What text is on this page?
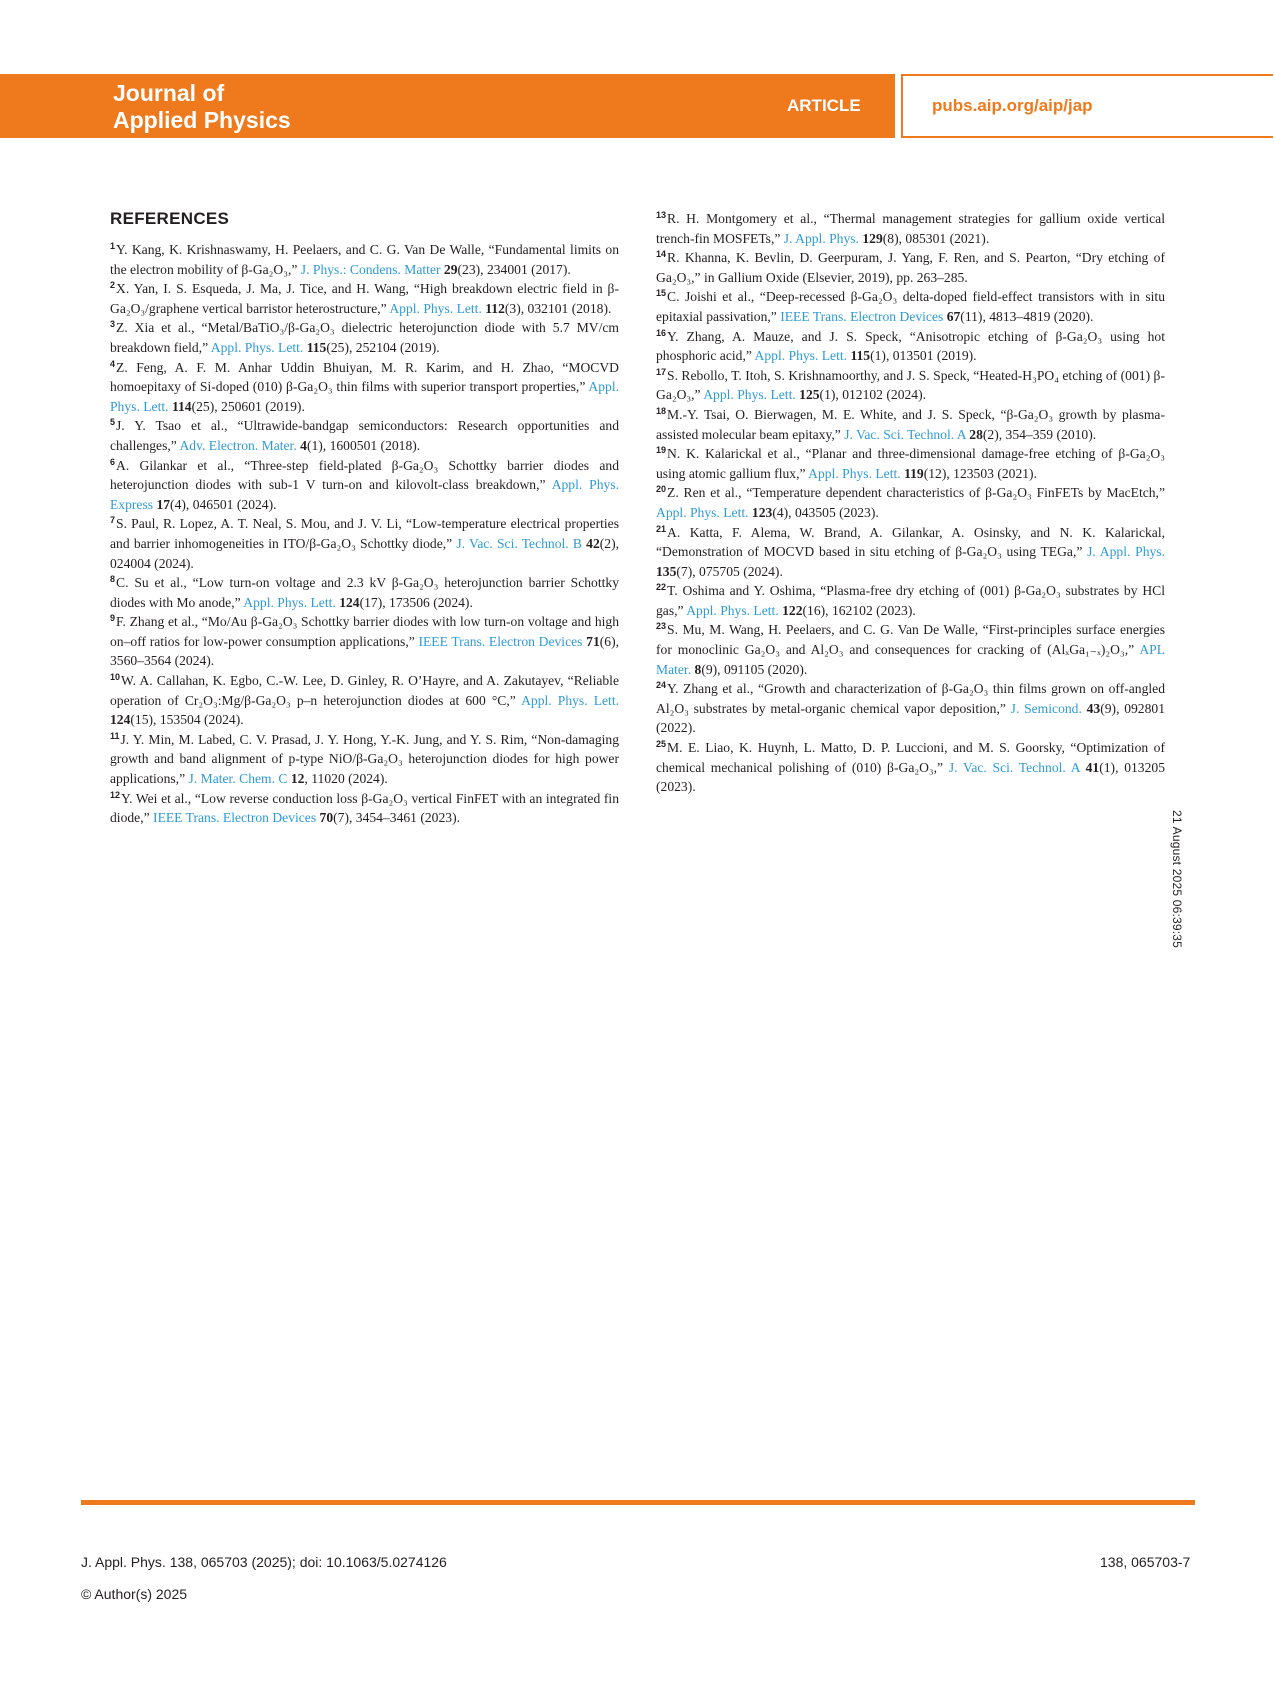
Journal of
Applied Physics
ARTICLE	pubs.aip.org/aip/jap
REFERENCES

$^1$Y. Kang, K. Krishnaswamy, H. Peelaers, and C. G. Van De Walle, “Fundamental limits on the electron mobility of β-Ga₂O₃,” J. Phys.: Condens. Matter 29(23), 234001 (2017).

$^2$X. Yan, I. S. Esqueda, J. Ma, J. Tice, and H. Wang, “High breakdown electric field in β-Ga₂O₃/graphene vertical barristor heterostructure,” Appl. Phys. Lett. 112(3), 032101 (2018).

$^3$Z. Xia et al., “Metal/BaTiO₃/β-Ga₂O₃ dielectric heterojunction diode with 5.7 MV/cm breakdown field,” Appl. Phys. Lett. 115(25), 252104 (2019).

$^4$Z. Feng, A. F. M. Anhar Uddin Bhuiyan, M. R. Karim, and H. Zhao, “MOCVD homoepitaxy of Si-doped (010) β-Ga₂O₃ thin films with superior transport properties,” Appl. Phys. Lett. 114(25), 250601 (2019).

$^5$J. Y. Tsao et al., “Ultrawide-bandgap semiconductors: Research opportunities and challenges,” Adv. Electron. Mater. 4(1), 1600501 (2018).

$^6$A. Gilankar et al., “Three-step field-plated β-Ga₂O₃ Schottky barrier diodes and heterojunction diodes with sub-1 V turn-on and kilovolt-class breakdown,” Appl. Phys. Express 17(4), 046501 (2024).

$^7$S. Paul, R. Lopez, A. T. Neal, S. Mou, and J. V. Li, “Low-temperature electrical properties and barrier inhomogeneities in ITO/β-Ga₂O₃ Schottky diode,” J. Vac. Sci. Technol. B 42(2), 024004 (2024).

$^8$C. Su et al., “Low turn-on voltage and 2.3 kV β-Ga₂O₃ heterojunction barrier Schottky diodes with Mo anode,” Appl. Phys. Lett. 124(17), 173506 (2024).

$^9$F. Zhang et al., “Mo/Au β-Ga₂O₃ Schottky barrier diodes with low turn-on voltage and high on–off ratios for low-power consumption applications,” IEEE Trans. Electron Devices 71(6), 3560–3564 (2024).

$^{10}$W. A. Callahan, K. Egbo, C.-W. Lee, D. Ginley, R. O’Hayre, and A. Zakutayev, “Reliable operation of Cr₂O₃:Mg/β-Ga₂O₃ p–n heterojunction diodes at 600 °C,” Appl. Phys. Lett. 124(15), 153504 (2024).

$^{11}$J. Y. Min, M. Labed, C. V. Prasad, J. Y. Hong, Y.-K. Jung, and Y. S. Rim, “Non-damaging growth and band alignment of p-type NiO/β-Ga₂O₃ heterojunction diodes for high power applications,” J. Mater. Chem. C 12, 11020 (2024).

$^{12}$Y. Wei et al., “Low reverse conduction loss β-Ga₂O₃ vertical FinFET with an integrated fin diode,” IEEE Trans. Electron Devices 70(7), 3454–3461 (2023).

$^{13}$R. H. Montgomery et al., “Thermal management strategies for gallium oxide vertical trench-fin MOSFETs,” J. Appl. Phys. 129(8), 085301 (2021).

$^{14}$R. Khanna, K. Bevlin, D. Geerpuram, J. Yang, F. Ren, and S. Pearton, “Dry etching of Ga₂O₃,” in Gallium Oxide (Elsevier, 2019), pp. 263–285.

$^{15}$C. Joishi et al., “Deep-recessed β-Ga₂O₃ delta-doped field-effect transistors with in situ epitaxial passivation,” IEEE Trans. Electron Devices 67(11), 4813–4819 (2020).

$^{16}$Y. Zhang, A. Mauze, and J. S. Speck, “Anisotropic etching of β-Ga₂O₃ using hot phosphoric acid,” Appl. Phys. Lett. 115(1), 013501 (2019).

$^{17}$S. Rebollo, T. Itoh, S. Krishnamoorthy, and J. S. Speck, “Heated-H₃PO₄ etching of (001) β-Ga₂O₃,” Appl. Phys. Lett. 125(1), 012102 (2024).

$^{18}$M.-Y. Tsai, O. Bierwagen, M. E. White, and J. S. Speck, “β-Ga₂O₃ growth by plasma-assisted molecular beam epitaxy,” J. Vac. Sci. Technol. A 28(2), 354–359 (2010).

$^{19}$N. K. Kalarickal et al., “Planar and three-dimensional damage-free etching of β-Ga₂O₃ using atomic gallium flux,” Appl. Phys. Lett. 119(12), 123503 (2021).

$^{20}$Z. Ren et al., “Temperature dependent characteristics of β-Ga₂O₃ FinFETs by MacEtch,” Appl. Phys. Lett. 123(4), 043505 (2023).

$^{21}$A. Katta, F. Alema, W. Brand, A. Gilankar, A. Osinsky, and N. K. Kalarickal, “Demonstration of MOCVD based in situ etching of β-Ga₂O₃ using TEGa,” J. Appl. Phys. 135(7), 075705 (2024).

$^{22}$T. Oshima and Y. Oshima, “Plasma-free dry etching of (001) β-Ga₂O₃ substrates by HCl gas,” Appl. Phys. Lett. 122(16), 162102 (2023).

$^{23}$S. Mu, M. Wang, H. Peelaers, and C. G. Van De Walle, “First-principles surface energies for monoclinic Ga₂O₃ and Al₂O₃ and consequences for cracking of (AlₓGa₁₋ₓ)₂O₃,” APL Mater. 8(9), 091105 (2020).

$^{24}$Y. Zhang et al., “Growth and characterization of β-Ga₂O₃ thin films grown on off-angled Al₂O₃ substrates by metal-organic chemical vapor deposition,” J. Semicond. 43(9), 092801 (2022).

$^{25}$M. E. Liao, K. Huynh, L. Matto, D. P. Luccioni, and M. S. Goorsky, “Optimization of chemical mechanical polishing of (010) β-Ga₂O₃,” J. Vac. Sci. Technol. A 41(1), 013205 (2023).

21 August 2025 06:39:35
J. Appl. Phys. 138, 065703 (2025); doi: 10.1063/5.0274126
© Author(s) 2025
138, 065703-7
